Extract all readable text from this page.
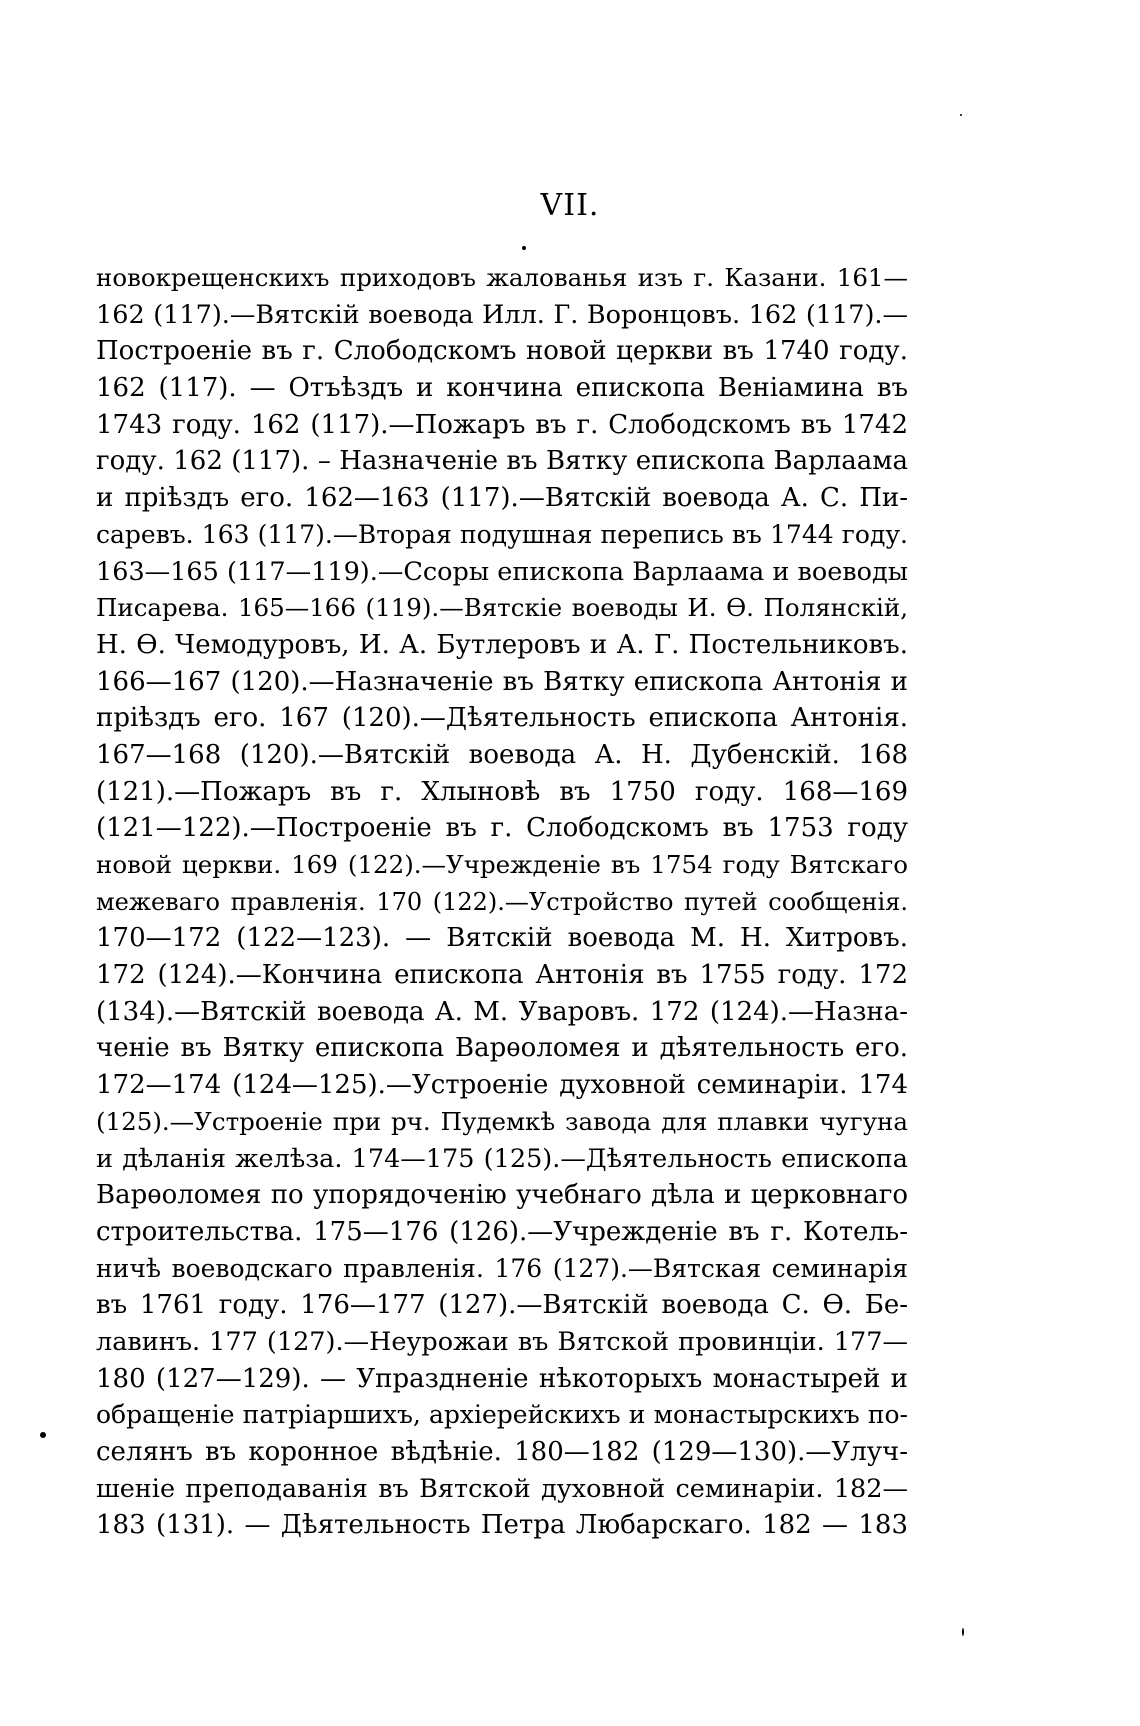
VII.
новокрещенскихъ приходовъ жалованья изъ г. Казани. 161—
162 (117).—Вятскій воевода Илл. Г. Воронцовъ. 162 (117).—
Построеніе въ г. Слободскомъ новой церкви въ 1740 году.
162 (117). — Отъѣздъ и кончина епископа Веніамина въ
1743 году. 162 (117).—Пожаръ въ г. Слободскомъ въ 1742
году. 162 (117). – Назначеніе въ Вятку епископа Варлаама
и пріѣздъ его. 162—163 (117).—Вятскій воевода А. С. Пи-
саревъ. 163 (117).—Вторая подушная перепись въ 1744 году.
163—165 (117—119).—Ссоры епископа Варлаама и воеводы
Писарева. 165—166 (119).—Вятскіе воеводы И. Ѳ. Полянскій,
Н. Ѳ. Чемодуровъ, И. А. Бутлеровъ и А. Г. Постельниковъ.
166—167 (120).—Назначеніе въ Вятку епископа Антонія и
пріѣздъ его. 167 (120).—Дѣятельность епископа Антонія.
167—168 (120).—Вятскій воевода А. Н. Дубенскій. 168
(121).—Пожаръ въ г. Хлыновѣ въ 1750 году. 168—169
(121—122).—Построеніе въ г. Слободскомъ въ 1753 году
новой церкви. 169 (122).—Учрежденіе въ 1754 году Вятскаго
межеваго правленія. 170 (122).—Устройство путей сообщенія.
170—172 (122—123). — Вятскій воевода М. Н. Хитровъ.
172 (124).—Кончина епископа Антонія въ 1755 году. 172
(134).—Вятскій воевода А. М. Уваровъ. 172 (124).—Назна-
ченіе въ Вятку епископа Варѳоломея и дѣятельность его.
172—174 (124—125).—Устроеніе духовной семинаріи. 174
(125).—Устроеніе при рч. Пудемкѣ завода для плавки чугуна
и дѣланія желѣза. 174—175 (125).—Дѣятельность епископа
Варѳоломея по упорядоченію учебнаго дѣла и церковнаго
строительства. 175—176 (126).—Учрежденіе въ г. Котель-
ничѣ воеводскаго правленія. 176 (127).—Вятская семинарія
въ 1761 году. 176—177 (127).—Вятскій воевода С. Ѳ. Бе-
лавинъ. 177 (127).—Неурожаи въ Вятской провинціи. 177—
180 (127—129). — Упраздненіе нѣкоторыхъ монастырей и
обращеніе патріаршихъ, архіерейскихъ и монастырскихъ по-
селянъ въ коронное вѣдѣніе. 180—182 (129—130).—Улуч-
шеніе преподаванія въ Вятской духовной семинаріи. 182—
183 (131). — Дѣятельность Петра Любарскаго. 182 — 183
